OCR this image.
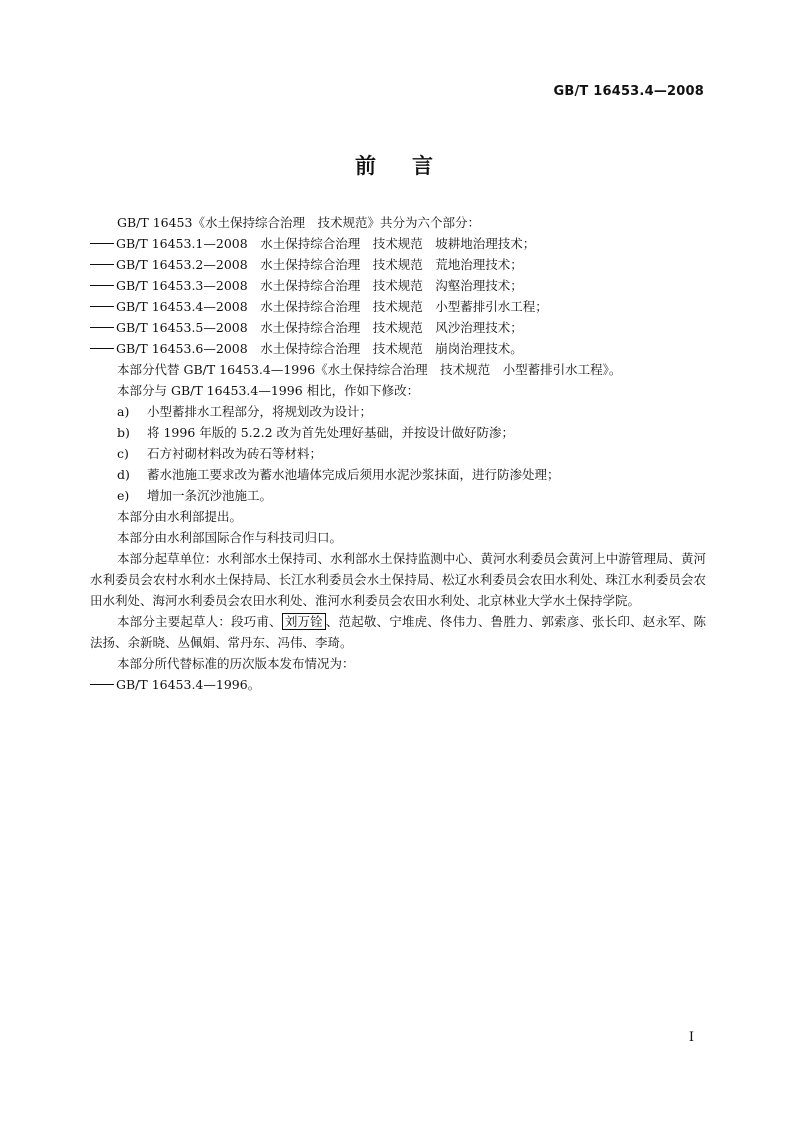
GB/T 16453.4—2008
前言
GB/T 16453《水土保持综合治理　技术规范》共分为六个部分：
GB/T 16453.1—2008　水土保持综合治理　技术规范　坡耕地治理技术；
GB/T 16453.2—2008　水土保持综合治理　技术规范　荒地治理技术；
GB/T 16453.3—2008　水土保持综合治理　技术规范　沟壑治理技术；
GB/T 16453.4—2008　水土保持综合治理　技术规范　小型蓄排引水工程；
GB/T 16453.5—2008　水土保持综合治理　技术规范　风沙治理技术；
GB/T 16453.6—2008　水土保持综合治理　技术规范　崩岗治理技术。
本部分代替 GB/T 16453.4—1996《水土保持综合治理　技术规范　小型蓄排引水工程》。
本部分与 GB/T 16453.4—1996 相比，作如下修改：
a) 小型蓄排水工程部分，将规划改为设计；
b) 将 1996 年版的 5.2.2 改为首先处理好基础，并按设计做好防渗；
c) 石方衬砌材料改为砖石等材料；
d) 蓄水池施工要求改为蓄水池墙体完成后须用水泥沙浆抹面，进行防渗处理；
e) 增加一条沉沙池施工。
本部分由水利部提出。
本部分由水利部国际合作与科技司归口。

本部分起草单位：水利部水土保持司、水利部水土保持监测中心、黄河水利委员会黄河上中游管理局、黄河水利委员会农村水利水土保持局、长江水利委员会水土保持局、松辽水利委员会农田水利处、珠江水利委员会农田水利处、海河水利委员会农田水利处、淮河水利委员会农田水利处、北京林业大学水土保持学院。

本部分主要起草人：段巧甫、 刘万铨 、范起敬、宁堆虎、佟伟力、鲁胜力、郭索彦、张长印、赵永军、陈法扬、余新晓、丛佩娟、常丹东、冯伟、李琦。

本部分所代替标准的历次版本发布情况为：
GB/T 16453.4—1996。
I
